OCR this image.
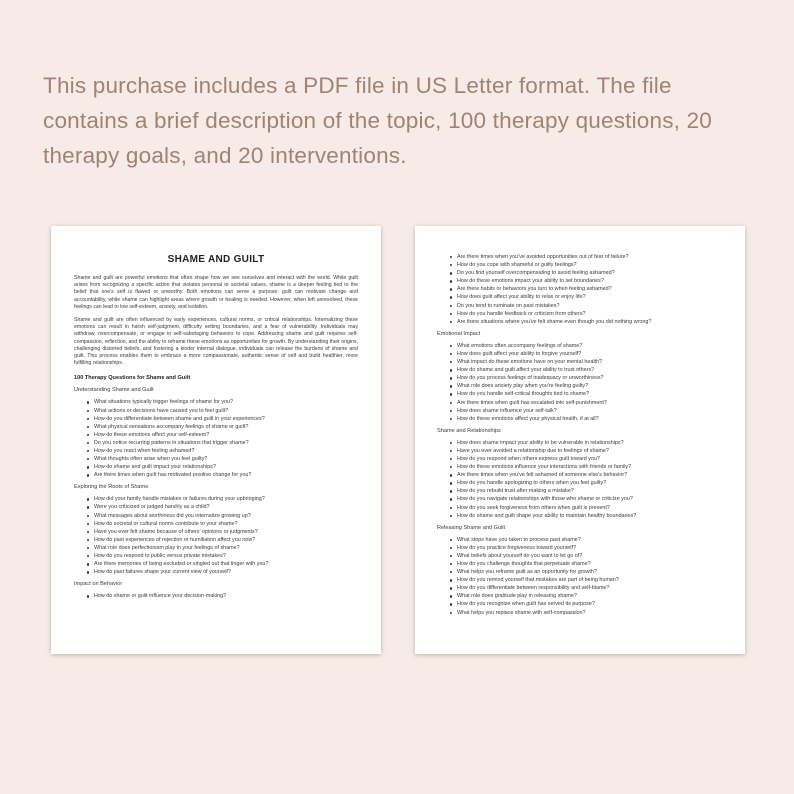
This purchase includes a PDF file in US Letter format. The file contains a brief description of the topic, 100 therapy questions, 20 therapy goals, and 20 interventions.
SHAME AND GUILT

Shame and guilt are powerful emotions that often shape how we see ourselves and interact with the world. While guilt arises from recognizing a specific action that violates personal or societal values, shame is a deeper feeling tied to the belief that one's self is flawed or unworthy. Both emotions can serve a purpose: guilt can motivate change and accountability, while shame can highlight areas where growth or healing is needed. However, when left unresolved, these feelings can lead to low self-esteem, anxiety, and isolation.

Shame and guilt are often influenced by early experiences, cultural norms, or critical relationships. Internalizing these emotions can result in harsh self-judgment, difficulty setting boundaries, and a fear of vulnerability. Individuals may withdraw, overcompensate, or engage in self-sabotaging behaviors to cope. Addressing shame and guilt requires self-compassion, reflection, and the ability to reframe these emotions as opportunities for growth. By understanding their origins, challenging distorted beliefs, and fostering a kinder internal dialogue, individuals can release the burdens of shame and guilt. This process enables them to embrace a more compassionate, authentic sense of self and build healthier, more fulfilling relationships.

100 Therapy Questions for Shame and Guilt
Understanding Shame and Guilt
What situations typically trigger feelings of shame for you?
What actions or decisions have caused you to feel guilt?
How do you differentiate between shame and guilt in your experiences?
What physical sensations accompany feelings of shame or guilt?
How do these emotions affect your self-esteem?
Do you notice recurring patterns in situations that trigger shame?
How do you react when feeling ashamed?
What thoughts often arise when you feel guilty?
How do shame and guilt impact your relationships?
Are there times when guilt has motivated positive change for you?
Exploring the Roots of Shame
How did your family handle mistakes or failures during your upbringing?
Were you criticized or judged harshly as a child?
What messages about worthiness did you internalize growing up?
How do societal or cultural norms contribute to your shame?
Have you ever felt shame because of others' opinions or judgments?
How do past experiences of rejection or humiliation affect you now?
What role does perfectionism play in your feelings of shame?
How do you respond to public versus private mistakes?
Are there memories of being excluded or singled out that linger with you?
How do past failures shape your current view of yourself?
Impact on Behavior
How do shame or guilt influence your decision-making?
Are there times when you've avoided opportunities out of fear of failure?
How do you cope with shameful or guilty feelings?
Do you find yourself overcompensating to avoid feeling ashamed?
How do these emotions impact your ability to set boundaries?
Are there habits or behaviors you turn to when feeling ashamed?
How does guilt affect your ability to relax or enjoy life?
Do you tend to ruminate on past mistakes?
How do you handle feedback or criticism from others?
Are there situations where you've felt shame even though you did nothing wrong?
Emotional Impact
What emotions often accompany feelings of shame?
How does guilt affect your ability to forgive yourself?
What impact do these emotions have on your mental health?
How do shame and guilt affect your ability to trust others?
How do you process feelings of inadequacy or unworthiness?
What role does anxiety play when you're feeling guilty?
How do you handle self-critical thoughts tied to shame?
Are there times when guilt has escalated into self-punishment?
How does shame influence your self-talk?
How do these emotions affect your physical health, if at all?
Shame and Relationships
How does shame impact your ability to be vulnerable in relationships?
Have you ever avoided a relationship due to feelings of shame?
How do you respond when others express guilt toward you?
How do these emotions influence your interactions with friends or family?
Are there times when you've felt ashamed of someone else's behavior?
How do you handle apologizing to others when you feel guilty?
How do you rebuild trust after making a mistake?
How do you navigate relationships with those who shame or criticize you?
How do you seek forgiveness from others when guilt is present?
How do shame and guilt shape your ability to maintain healthy boundaries?
Releasing Shame and Guilt
What steps have you taken to process past shame?
How do you practice forgiveness toward yourself?
What beliefs about yourself do you want to let go of?
How do you challenge thoughts that perpetuate shame?
What helps you reframe guilt as an opportunity for growth?
How do you remind yourself that mistakes are part of being human?
How do you differentiate between responsibility and self-blame?
What role does gratitude play in releasing shame?
How do you recognize when guilt has served its purpose?
What helps you replace shame with self-compassion?
